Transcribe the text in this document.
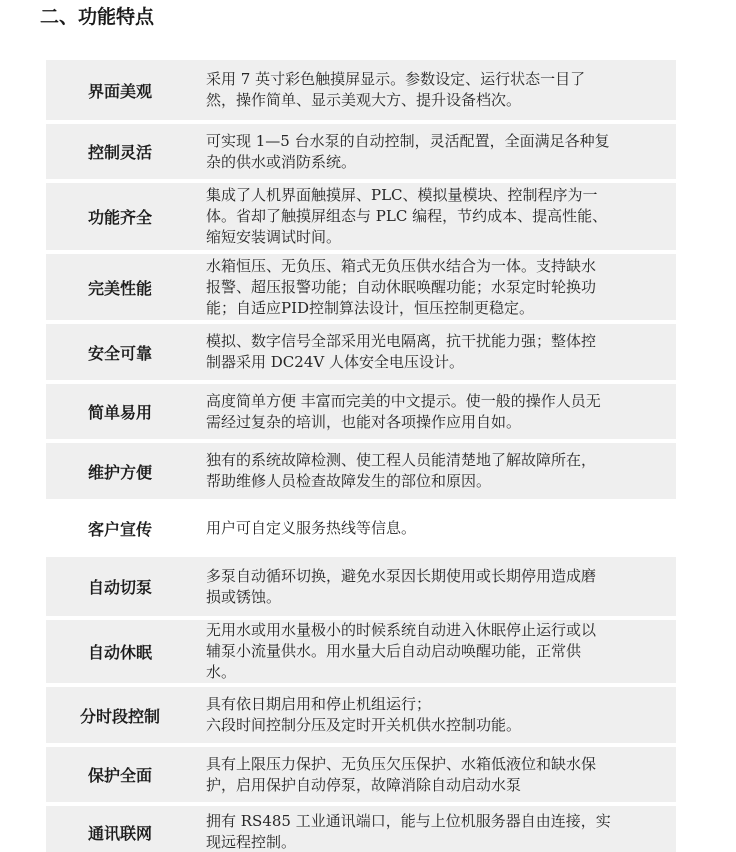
二、功能特点
界面美观
采用 7 英寸彩色触摸屏显示。参数设定、运行状态一目了
然，操作简单、显示美观大方、提升设备档次。
控制灵活
可实现 1—5 台水泵的自动控制，灵活配置，全面满足各种复
杂的供水或消防系统。
功能齐全
集成了人机界面触摸屏、PLC、模拟量模块、控制程序为一
体。省却了触摸屏组态与 PLC 编程，节约成本、提高性能、
缩短安装调试时间。
完美性能
水箱恒压、无负压、箱式无负压供水结合为一体。支持缺水
报警、超压报警功能；自动休眠唤醒功能；水泵定时轮换功
能；自适应PID控制算法设计，恒压控制更稳定。
安全可靠
模拟、数字信号全部采用光电隔离，抗干扰能力强；整体控
制器采用 DC24V 人体安全电压设计。
简单易用
高度简单方便 丰富而完美的中文提示。使一般的操作人员无
需经过复杂的培训，也能对各项操作应用自如。
维护方便
独有的系统故障检测、使工程人员能清楚地了解故障所在，
帮助维修人员检查故障发生的部位和原因。
客户宣传	用户可自定义服务热线等信息。
自动切泵
多泵自动循环切换，避免水泵因长期使用或长期停用造成磨
损或锈蚀。
自动休眠
无用水或用水量极小的时候系统自动进入休眠停止运行或以
辅泵小流量供水。用水量大后自动启动唤醒功能，正常供
水。
分时段控制
具有依日期启用和停止机组运行；
六段时间控制分压及定时开关机供水控制功能。
保护全面
具有上限压力保护、无负压欠压保护、水箱低液位和缺水保
护，启用保护自动停泵，故障消除自动启动水泵
通讯联网
拥有 RS485 工业通讯端口，能与上位机服务器自由连接，实
现远程控制。
